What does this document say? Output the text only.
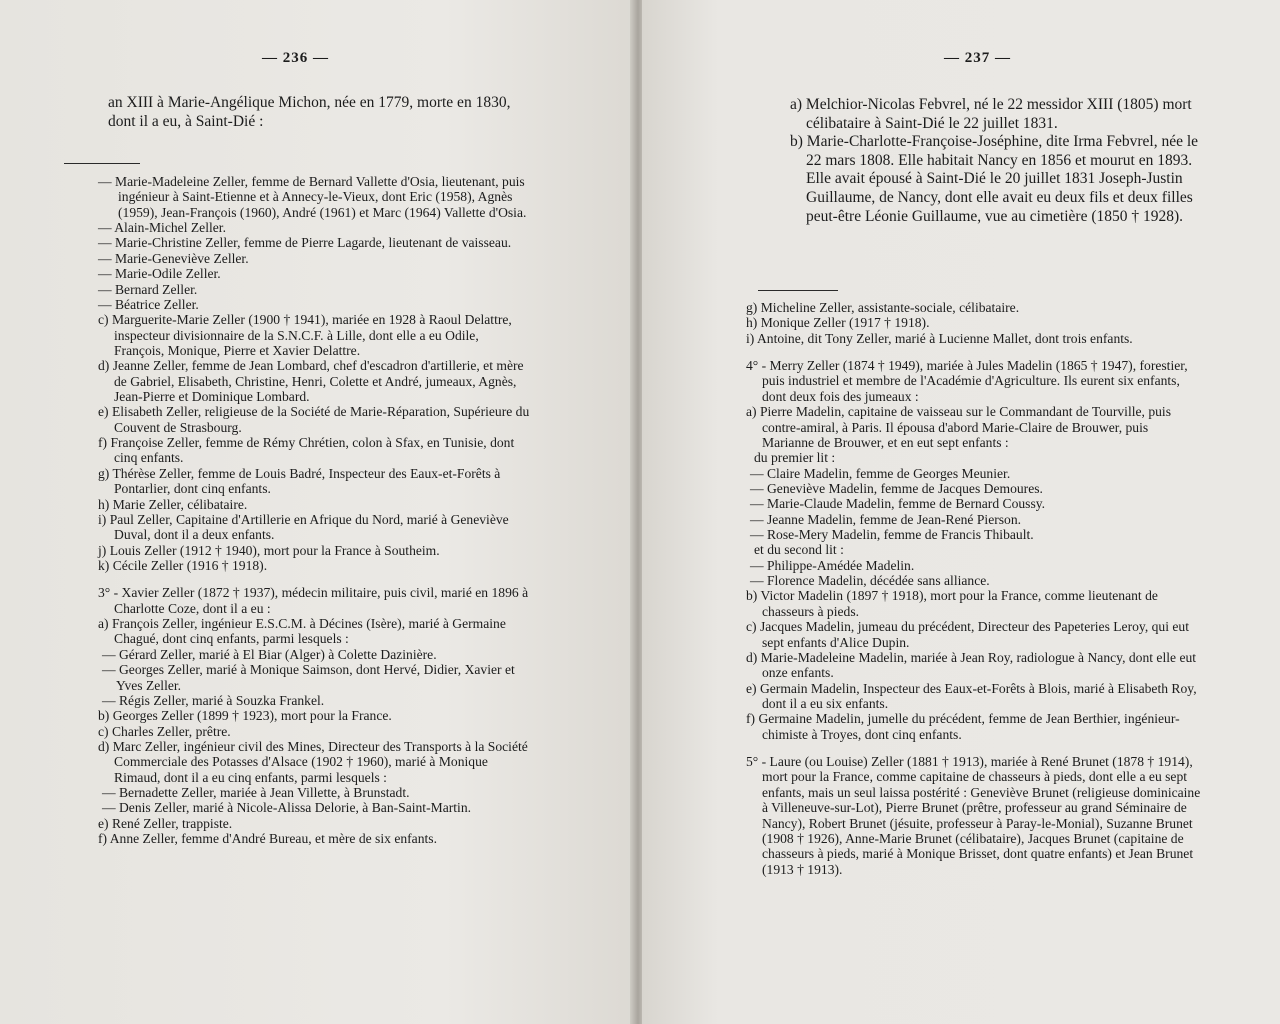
— 236 —

an XIII à Marie-Angélique Michon, née en 1779, morte en 1830, dont il a eu, à Saint-Dié :

— Marie-Madeleine Zeller, femme de Bernard Vallette d'Osia, lieutenant, puis ingénieur à Saint-Etienne et à Annecy-le-Vieux, dont Eric (1958), Agnès (1959), Jean-François (1960), André (1961) et Marc (1964) Vallette d'Osia.

— Alain-Michel Zeller.

— Marie-Christine Zeller, femme de Pierre Lagarde, lieutenant de vaisseau.

— Marie-Geneviève Zeller.

— Marie-Odile Zeller.

— Bernard Zeller.

— Béatrice Zeller.

c) Marguerite-Marie Zeller (1900 † 1941), mariée en 1928 à Raoul Delattre, inspecteur divisionnaire de la S.N.C.F. à Lille, dont elle a eu Odile, François, Monique, Pierre et Xavier Delattre.

d) Jeanne Zeller, femme de Jean Lombard, chef d'escadron d'artillerie, et mère de Gabriel, Elisabeth, Christine, Henri, Colette et André, jumeaux, Agnès, Jean-Pierre et Dominique Lombard.

e) Elisabeth Zeller, religieuse de la Société de Marie-Réparation, Supérieure du Couvent de Strasbourg.

f) Françoise Zeller, femme de Rémy Chrétien, colon à Sfax, en Tunisie, dont cinq enfants.

g) Thérèse Zeller, femme de Louis Badré, Inspecteur des Eaux-et-Forêts à Pontarlier, dont cinq enfants.

h) Marie Zeller, célibataire.

i) Paul Zeller, Capitaine d'Artillerie en Afrique du Nord, marié à Geneviève Duval, dont il a deux enfants.

j) Louis Zeller (1912 † 1940), mort pour la France à Southeim.

k) Cécile Zeller (1916 † 1918).

3° - Xavier Zeller (1872 † 1937), médecin militaire, puis civil, marié en 1896 à Charlotte Coze, dont il a eu :

a) François Zeller, ingénieur E.S.C.M. à Décines (Isère), marié à Germaine Chagué, dont cinq enfants, parmi lesquels :

— Gérard Zeller, marié à El Biar (Alger) à Colette Dazinière.

— Georges Zeller, marié à Monique Saimson, dont Hervé, Didier, Xavier et Yves Zeller.

— Régis Zeller, marié à Souzka Frankel.

b) Georges Zeller (1899 † 1923), mort pour la France.

c) Charles Zeller, prêtre.

d) Marc Zeller, ingénieur civil des Mines, Directeur des Transports à la Société Commerciale des Potasses d'Alsace (1902 † 1960), marié à Monique Rimaud, dont il a eu cinq enfants, parmi lesquels :

— Bernadette Zeller, mariée à Jean Villette, à Brunstadt.

— Denis Zeller, marié à Nicole-Alissa Delorie, à Ban-Saint-Martin.

e) René Zeller, trappiste.

f) Anne Zeller, femme d'André Bureau, et mère de six enfants.

— 237 —

a) Melchior-Nicolas Febvrel, né le 22 messidor XIII (1805) mort célibataire à Saint-Dié le 22 juillet 1831.

b) Marie-Charlotte-Françoise-Joséphine, dite Irma Febvrel, née le 22 mars 1808. Elle habitait Nancy en 1856 et mourut en 1893. Elle avait épousé à Saint-Dié le 20 juillet 1831 Joseph-Justin Guillaume, de Nancy, dont elle avait eu deux fils et deux filles peut-être Léonie Guillaume, vue au cimetière (1850 † 1928).

g) Micheline Zeller, assistante-sociale, célibataire.

h) Monique Zeller (1917 † 1918).

i) Antoine, dit Tony Zeller, marié à Lucienne Mallet, dont trois enfants.

4° - Merry Zeller (1874 † 1949), mariée à Jules Madelin (1865 † 1947), forestier, puis industriel et membre de l'Académie d'Agriculture. Ils eurent six enfants, dont deux fois des jumeaux :

a) Pierre Madelin, capitaine de vaisseau sur le Commandant de Tourville, puis contre-amiral, à Paris. Il épousa d'abord Marie-Claire de Brouwer, puis Marianne de Brouwer, et en eut sept enfants :

du premier lit :

— Claire Madelin, femme de Georges Meunier.

— Geneviève Madelin, femme de Jacques Demoures.

— Marie-Claude Madelin, femme de Bernard Coussy.

— Jeanne Madelin, femme de Jean-René Pierson.

— Rose-Mery Madelin, femme de Francis Thibault.

et du second lit :

— Philippe-Amédée Madelin.

— Florence Madelin, décédée sans alliance.

b) Victor Madelin (1897 † 1918), mort pour la France, comme lieutenant de chasseurs à pieds.

c) Jacques Madelin, jumeau du précédent, Directeur des Papeteries Leroy, qui eut sept enfants d'Alice Dupin.

d) Marie-Madeleine Madelin, mariée à Jean Roy, radiologue à Nancy, dont elle eut onze enfants.

e) Germain Madelin, Inspecteur des Eaux-et-Forêts à Blois, marié à Elisabeth Roy, dont il a eu six enfants.

f) Germaine Madelin, jumelle du précédent, femme de Jean Berthier, ingénieur-chimiste à Troyes, dont cinq enfants.

5° - Laure (ou Louise) Zeller (1881 † 1913), mariée à René Brunet (1878 † 1914), mort pour la France, comme capitaine de chasseurs à pieds, dont elle a eu sept enfants, mais un seul laissa postérité : Geneviève Brunet (religieuse dominicaine à Villeneuve-sur-Lot), Pierre Brunet (prêtre, professeur au grand Séminaire de Nancy), Robert Brunet (jésuite, professeur à Paray-le-Monial), Suzanne Brunet (1908 † 1926), Anne-Marie Brunet (célibataire), Jacques Brunet (capitaine de chasseurs à pieds, marié à Monique Brisset, dont quatre enfants) et Jean Brunet (1913 † 1913).
